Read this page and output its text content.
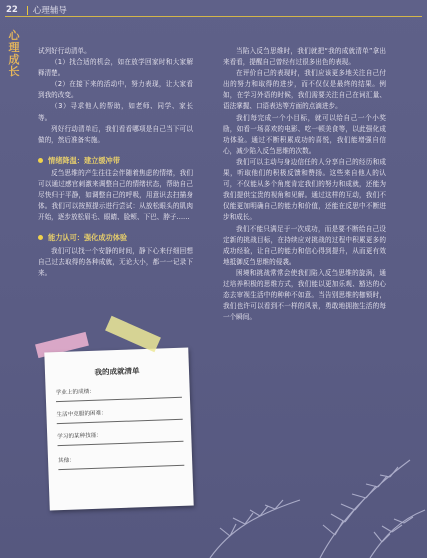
22 心理辅导
心理成长

试列好行动清单。

（1）找合适的机会，如在放学回家时和大家解释清楚。

（2）在接下来的活动中，努力表现，让大家看到我的改变。

（3）寻求他人的帮助，如老师、同学、家长等。

列好行动清单后，我们看看哪项是自己当下可以做的，然后准备实施。

情绪降温：建立缓冲带

反刍思维的产生往往会伴随着焦虑的情绪，我们可以通过感官刺激来调整自己的情绪状态，帮助自己尽快归于平静，如调整自己的呼吸，用意识去扫描身体。我们可以按照提示进行尝试：从放松眼头的肌肉开始，逐步放松眉毛、眼睛、脸颊、下巴、脖子……

能力认可：强化成功体验

我们可以找一个安静的时间，静下心来仔细回想自己过去取得的各种成就，无论大小，都一一记录下来。

当陷入反刍思维时，我们就把“我的成就清单”拿出来看看，提醒自己曾经有过很多出色的表现。

在评价自己的表现时，我们应该更多地关注自己付出的努力和取得的进步，而不仅仅是最终的结果。例如，在学习外语的时候，我们需要关注自己在词汇量、语法掌握、口语表达等方面的点滴进步。

我们每完成一个小目标，就可以给自己一个小奖励，如看一场喜欢的电影、吃一顿美食等，以此强化成功体验。通过不断积累成功的喜悦，我们能增强自信心，减少陷入反刍思维的次数。

我们可以主动与身边信任的人分享自己的经历和成果，听取他们的积极反馈和赞扬。这些来自他人的认可，不仅能从多个角度肯定我们的努力和成就，还能为我们提供宝贵的视角和见解。通过这样的互动，我们不仅能更加明确自己的能力和价值，还能在反思中不断进步和成长。

我们不能只满足于一次成功，而是要不断给自己设定新的挑战目标，在持续应对挑战的过程中积累更多的成功经验，让自己的能力和信心得到提升，从而更有效地抵御反刍思维的侵袭。

困境和挑战常常会使我们陷入反刍思维的旋涡，通过培养积极的思维方式，我们能以更加乐观、豁达的心态去审视生活中的种种不如意。当告别思维的枷锁时，我们也许可以看到不一样的风景，勇敢地拥抱生活的每一个瞬间。

我的成就清单
学业上的成绩：
生活中克服的困难：
学习的某种技能：
其他：
